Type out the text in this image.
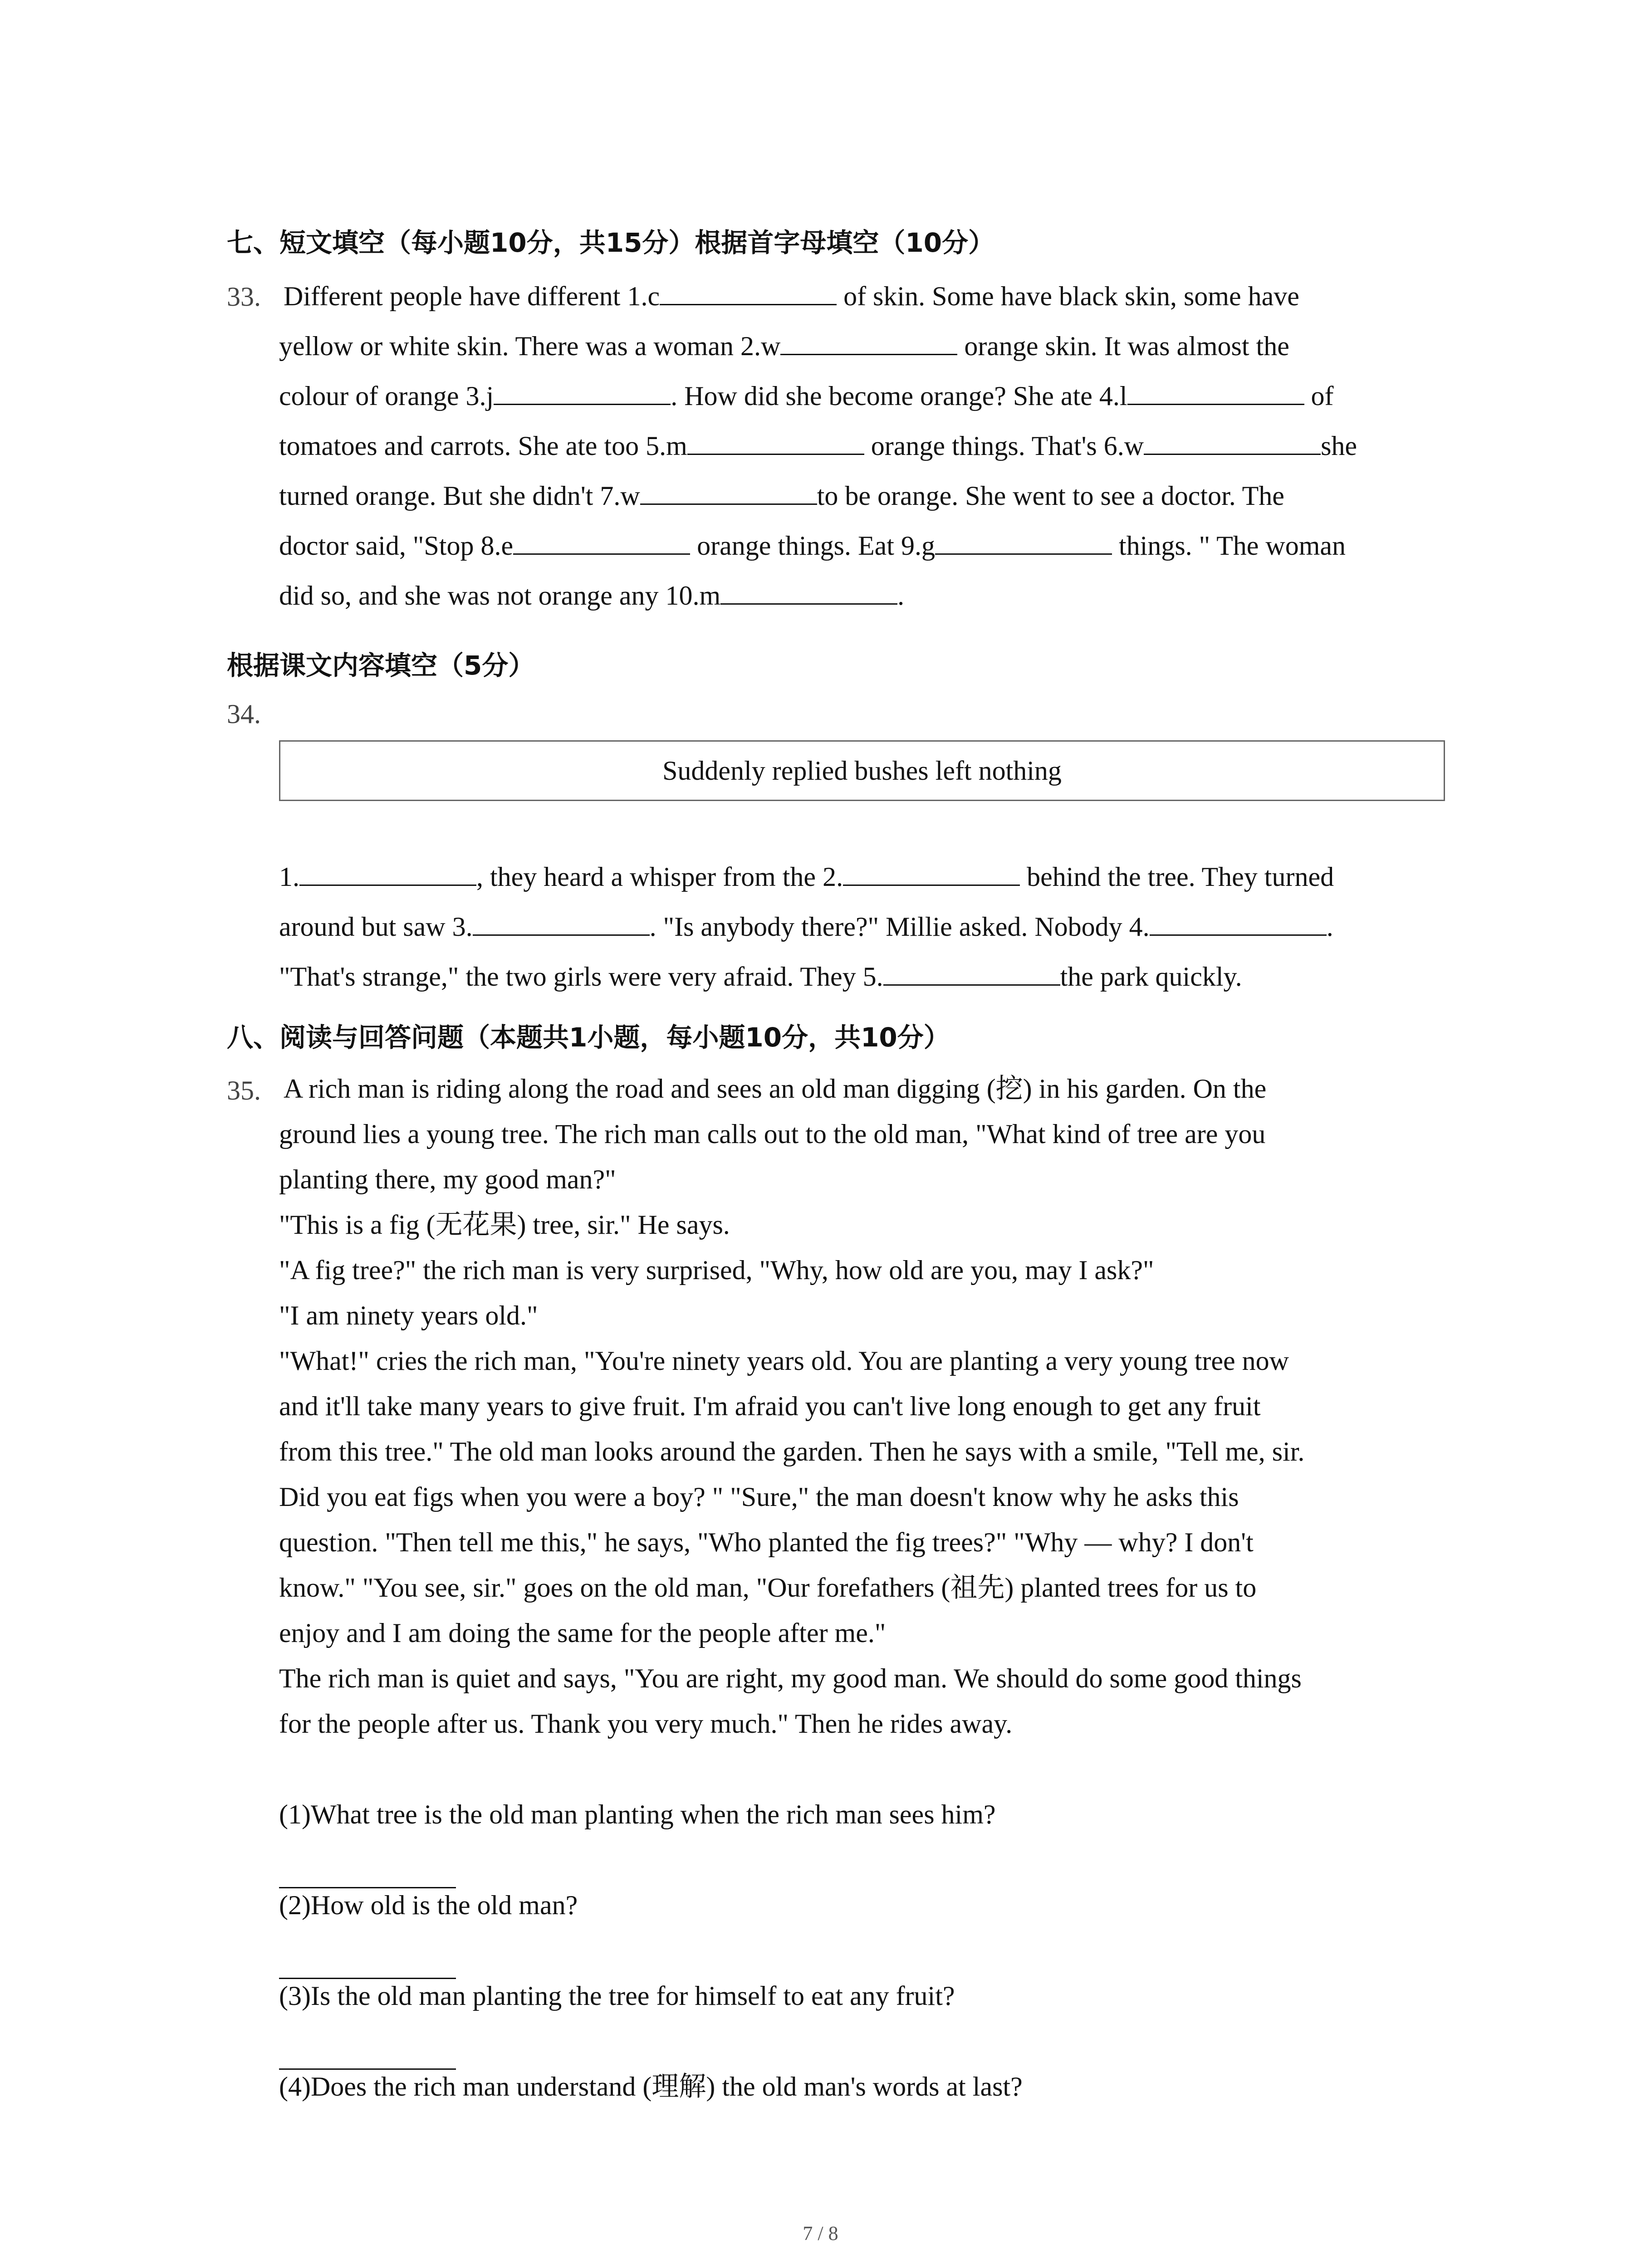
七、短文填空（每小题10分，共15分）根据首字母填空（10分）
33. Different people have different 1.c	of skin. Some have black skin, some have
yellow or white skin. There was a woman 2.w	orange skin. It was almost the
colour of orange 3.j	. How did she become orange? She ate 4.l	of
tomatoes and carrots. She ate too 5.m	orange things. That's 6.w	she
turned orange. But she didn't 7.w	to be orange. She went to see a doctor. The
doctor said, "Stop 8.e	orange things. Eat 9.g	things. " The woman
did so, and she was not orange any 10.m	.
根据课文内容填空（5分）
34.
Suddenly replied bushes left nothing
1.	, they heard a whisper from the 2.	behind the tree. They turned
around but saw 3.	. "Is anybody there?" Millie asked. Nobody 4.	.
"That's strange," the two girls were very afraid. They 5.	the park quickly.
八、阅读与回答问题（本题共1小题，每小题10分，共10分）
35. A rich man is riding along the road and sees an old man digging (挖) in his garden. On the
ground lies a young tree. The rich man calls out to the old man, "What kind of tree are you
planting there, my good man?"
"This is a fig (无花果) tree, sir." He says.
"A fig tree?" the rich man is very surprised, "Why, how old are you, may I ask?"
"I am ninety years old."
"What!" cries the rich man, "You're ninety years old. You are planting a very young tree now
and it'll take many years to give fruit. I'm afraid you can't live long enough to get any fruit
from this tree." The old man looks around the garden. Then he says with a smile, "Tell me, sir.
Did you eat figs when you were a boy? " "Sure," the man doesn't know why he asks this
question. "Then tell me this," he says, "Who planted the fig trees?" "Why — why? I don't
know." "You see, sir." goes on the old man, "Our forefathers (祖先) planted trees for us to
enjoy and I am doing the same for the people after me."
The rich man is quiet and says, "You are right, my good man. We should do some good things
for the people after us. Thank you very much." Then he rides away.
(1)What tree is the old man planting when the rich man sees him?
(2)How old is the old man?
(3)Is the old man planting the tree for himself to eat any fruit?
(4)Does the rich man understand (理解) the old man's words at last?
7 / 8
